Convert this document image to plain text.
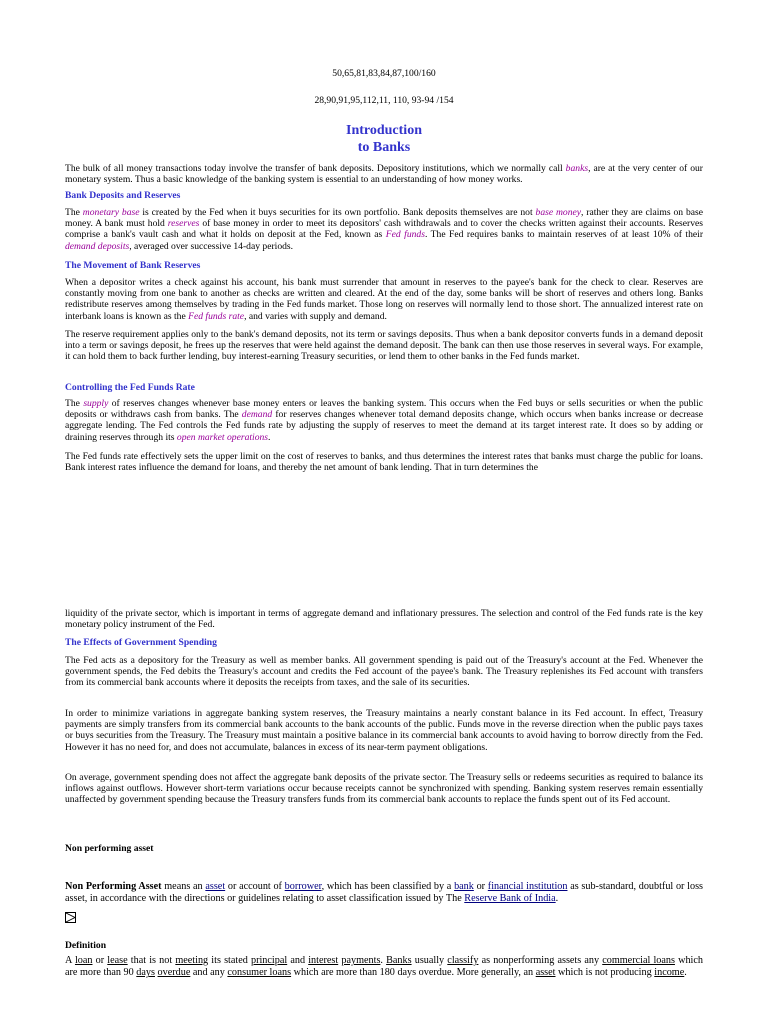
50,65,81,83,84,87,100/160
28,90,91,95,112,11, 110, 93-94 /154
Introduction
to Banks
The bulk of all money transactions today involve the transfer of bank deposits. Depository institutions, which we normally call banks, are at the very center of our monetary system. Thus a basic knowledge of the banking system is essential to an understanding of how money works.
Bank Deposits and Reserves
The monetary base is created by the Fed when it buys securities for its own portfolio. Bank deposits themselves are not base money, rather they are claims on base money. A bank must hold reserves of base money in order to meet its depositors' cash withdrawals and to cover the checks written against their accounts. Reserves comprise a bank's vault cash and what it holds on deposit at the Fed, known as Fed funds. The Fed requires banks to maintain reserves of at least 10% of their demand deposits, averaged over successive 14-day periods.
The Movement of Bank Reserves
When a depositor writes a check against his account, his bank must surrender that amount in reserves to the payee's bank for the check to clear. Reserves are constantly moving from one bank to another as checks are written and cleared. At the end of the day, some banks will be short of reserves and others long. Banks redistribute reserves among themselves by trading in the Fed funds market. Those long on reserves will normally lend to those short. The annualized interest rate on interbank loans is known as the Fed funds rate, and varies with supply and demand.
The reserve requirement applies only to the bank's demand deposits, not its term or savings deposits. Thus when a bank depositor converts funds in a demand deposit into a term or savings deposit, he frees up the reserves that were held against the demand deposit. The bank can then use those reserves in several ways. For example, it can hold them to back further lending, buy interest-earning Treasury securities, or lend them to other banks in the Fed funds market.
Controlling the Fed Funds Rate
The supply of reserves changes whenever base money enters or leaves the banking system. This occurs when the Fed buys or sells securities or when the public deposits or withdraws cash from banks. The demand for reserves changes whenever total demand deposits change, which occurs when banks increase or decrease aggregate lending. The Fed controls the Fed funds rate by adjusting the supply of reserves to meet the demand at its target interest rate. It does so by adding or draining reserves through its open market operations.
The Fed funds rate effectively sets the upper limit on the cost of reserves to banks, and thus determines the interest rates that banks must charge the public for loans. Bank interest rates influence the demand for loans, and thereby the net amount of bank lending. That in turn determines the
liquidity of the private sector, which is important in terms of aggregate demand and inflationary pressures. The selection and control of the Fed funds rate is the key monetary policy instrument of the Fed.
The Effects of Government Spending
The Fed acts as a depository for the Treasury as well as member banks. All government spending is paid out of the Treasury's account at the Fed. Whenever the government spends, the Fed debits the Treasury's account and credits the Fed account of the payee's bank. The Treasury replenishes its Fed account with transfers from its commercial bank accounts where it deposits the receipts from taxes, and the sale of its securities.
In order to minimize variations in aggregate banking system reserves, the Treasury maintains a nearly constant balance in its Fed account. In effect, Treasury payments are simply transfers from its commercial bank accounts to the bank accounts of the public. Funds move in the reverse direction when the public pays taxes or buys securities from the Treasury. The Treasury must maintain a positive balance in its commercial bank accounts to avoid having to borrow directly from the Fed. However it has no need for, and does not accumulate, balances in excess of its near-term payment obligations.
On average, government spending does not affect the aggregate bank deposits of the private sector. The Treasury sells or redeems securities as required to balance its inflows against outflows. However short-term variations occur because receipts cannot be synchronized with spending. Banking system reserves remain essentially unaffected by government spending because the Treasury transfers funds from its commercial bank accounts to replace the funds spent out of its Fed account.
Non performing asset
Non Performing Asset means an asset or account of borrower, which has been classified by a bank or financial institution as sub-standard, doubtful or loss asset, in accordance with the directions or guidelines relating to asset classification issued by The Reserve Bank of India.
Definition
A loan or lease that is not meeting its stated principal and interest payments. Banks usually classify as nonperforming assets any commercial loans which are more than 90 days overdue and any consumer loans which are more than 180 days overdue. More generally, an asset which is not producing income.
